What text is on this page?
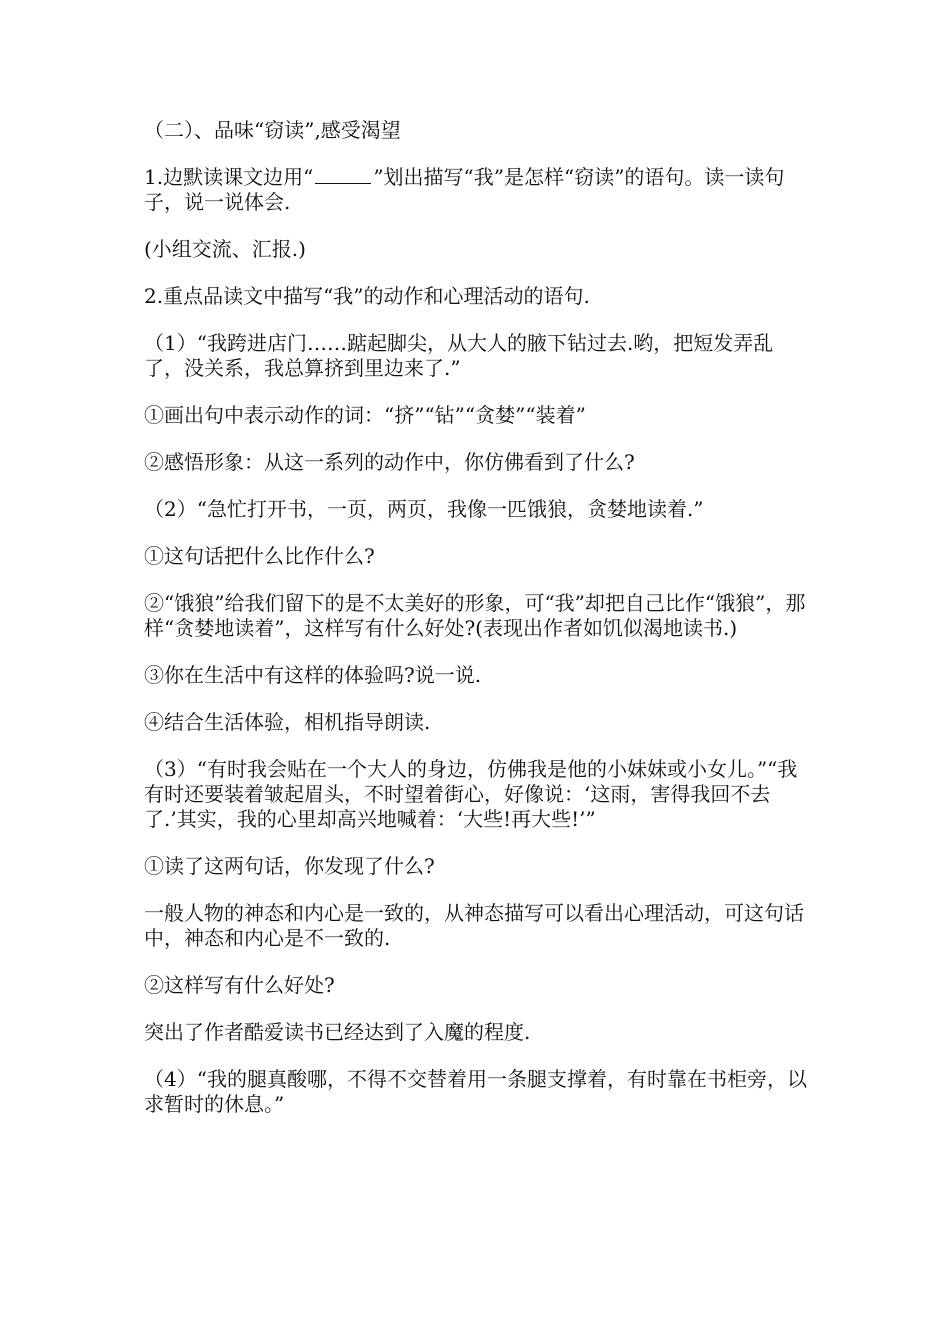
（二）、品味“窃读”,感受渴望

1.边默读课文边用“	”划出描写“我”是怎样“窃读”的语句。读一读句子，说一说体会.

(小组交流、汇报.)

2.重点品读文中描写“我”的动作和心理活动的语句.

（1）“我跨进店门……踮起脚尖，从大人的腋下钻过去.哟，把短发弄乱了，没关系，我总算挤到里边来了.”

①画出句中表示动作的词：“挤”“钻”“贪婪”“装着”

②感悟形象：从这一系列的动作中，你仿佛看到了什么?

（2）“急忙打开书，一页，两页，我像一匹饿狼，贪婪地读着.”

①这句话把什么比作什么?

②“饿狼”给我们留下的是不太美好的形象，可“我”却把自己比作“饿狼”，那样“贪婪地读着”，这样写有什么好处?(表现出作者如饥似渴地读书.)

③你在生活中有这样的体验吗?说一说.

④结合生活体验，相机指导朗读.

（3）“有时我会贴在一个大人的身边，仿佛我是他的小妹妹或小女儿。”“我有时还要装着皱起眉头，不时望着街心，好像说：‘这雨，害得我回不去了.’其实，我的心里却高兴地喊着：‘大些!再大些!’”

①读了这两句话，你发现了什么?

一般人物的神态和内心是一致的，从神态描写可以看出心理活动，可这句话中，神态和内心是不一致的.

②这样写有什么好处?

突出了作者酷爱读书已经达到了入魔的程度.

（4）“我的腿真酸哪，不得不交替着用一条腿支撑着，有时靠在书柜旁，以求暂时的休息。”
